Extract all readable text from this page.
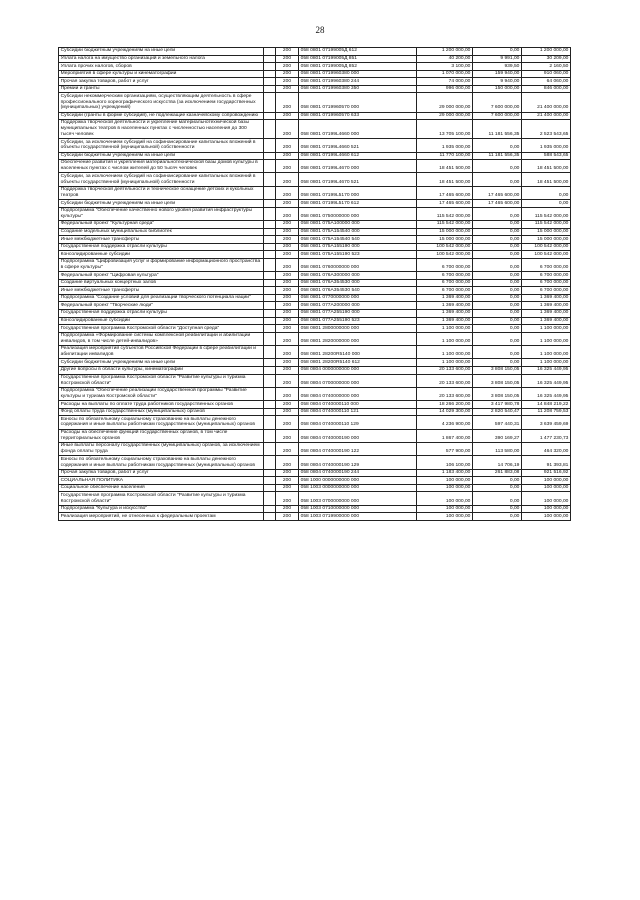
28
Субсидии бюджетным учреждениям на иные цели		200	058 0801 07199005Д 612	1 200 000,00	0,00	1 200 000,00
Уплата налога на имущество организаций и земельного налога		200	058 0801 07199005Д 851	40 200,00	9 991,00	30 209,00
Уплата прочих налогов, сборов		200	058 0801 07199005Д 852	3 100,00	939,50	2 160,50
Мероприятия в сфере культуры и кинематографии		200	058 0801 0719960380 000	1 070 000,00	159 940,00	910 060,00
Прочая закупка товаров, работ и услуг		200	058 0801 0719960380 244	74 000,00	9 940,00	64 060,00
Премии и гранты		200	058 0801 0719960380 350	996 000,00	150 000,00	846 000,00
Субсидии некоммерческим организациям, осуществляющим деятельность в сфере профессионального хореографического искусства (за исключением государственных (муниципальных) учреждений)		200	058 0801 0719960570 000	29 000 000,00	7 600 000,00	21 400 000,00
Субсидии (гранты в форме субсидий), не подлежащие казначейскому сопровождению		200	058 0801 0719960570 633	29 000 000,00	7 600 000,00	21 400 000,00
Поддержка творческой деятельности и укрепление материальнотехнической базы муниципальных театров в населенных пунктах с численностью населения до 300 тысяч человек		200	058 0801 07199L4660 000	13 705 100,00	11 181 556,35	2 523 543,65
Субсидии, за исключением субсидий на софинансирование капитальных вложений в объекты государственной (муниципальной) собственности		200	058 0801 07199L4660 521	1 935 000,00	0,00	1 935 000,00
Субсидии бюджетным учреждениям на иные цели		200	058 0801 07199L4660 612	11 770 100,00	11 181 556,35	588 543,65
Обеспечение развития и укрепления материальнотехнической базы домов культуры в населенных пунктах с числом жителей до 50 тысяч человек		200	058 0801 07199L4670 000	18 451 500,00	0,00	18 451 500,00
Субсидии, за исключением субсидий на софинансирование капитальных вложений в объекты государственной (муниципальной) собственности		200	058 0801 07199L4670 521	18 451 500,00	0,00	18 451 500,00
Поддержка творческой деятельности и техническое оснащение детских и кукольных театров		200	058 0801 07199L5170 000	17 465 600,00	17 465 600,00	0,00
Субсидии бюджетным учреждениям на иные цели		200	058 0801 07199L5170 612	17 465 600,00	17 465 600,00	0,00
Подпрограмма "Обеспечение качественно нового уровня развития инфраструктуры культуры"		200	058 0801 0750000000 000	115 542 000,00	0,00	115 542 000,00
Федеральный проект "Культурная среда"		200	058 0801 075A100000 000	115 542 000,00	0,00	115 542 000,00
Создание модельных муниципальных библиотек		200	058 0801 075A154540 000	15 000 000,00	0,00	15 000 000,00
Иные межбюджетные трансферты		200	058 0801 075A154540 540	15 000 000,00	0,00	15 000 000,00
Государственная поддержка отрасли культуры		200	058 0801 075A155190 000	100 542 000,00	0,00	100 542 000,00
Консолидированные субсидии		200	058 0801 075A155190 523	100 542 000,00	0,00	100 542 000,00
Подпрограмма "Цифровизация услуг и формирование информационного пространства в сфере культуры"		200	058 0801 0760000000 000	6 700 000,00	0,00	6 700 000,00
Федеральный проект "Цифровая культура"		200	058 0801 076A300000 000	6 700 000,00	0,00	6 700 000,00
Создание виртуальных концертных залов		200	058 0801 076A354530 000	6 700 000,00	0,00	6 700 000,00
Иные межбюджетные трансферты		200	058 0801 076A354530 540	6 700 000,00	0,00	6 700 000,00
Подпрограмма "Создание условий для реализации творческого потенциала нации"		200	058 0801 0770000000 000	1 369 400,00	0,00	1 369 400,00
Федеральный проект "Творческие люди"		200	058 0801 077A200000 000	1 369 400,00	0,00	1 369 400,00
Государственная поддержка отрасли культуры		200	058 0801 077A255190 000	1 369 400,00	0,00	1 369 400,00
Консолидированные субсидии		200	058 0801 077A255190 523	1 369 400,00	0,00	1 369 400,00
Государственная программа Костромской области "Доступная среда"		200	058 0801 2800000000 000	1 100 000,00	0,00	1 100 000,00
Подпрограмма «Формирование системы комплексной реабилитации и абилитации инвалидов, в том числе детей-инвалидов»		200	058 0801 2820000000 000	1 100 000,00	0,00	1 100 000,00
Реализация мероприятий субъектов Российской Федерации в сфере реабилитации и абилитации инвалидов		200	058 0801 28200R5140 000	1 100 000,00	0,00	1 100 000,00
Субсидии бюджетным учреждениям на иные цели		200	058 0801 28200R5140 612	1 100 000,00	0,00	1 100 000,00
Другие вопросы в области культуры, кинематографии		200	058 0804 0000000000 000	20 133 600,00	3 808 150,05	16 325 449,95
Государственная программа Костромской области "Развитие культуры и туризма Костромской области"		200	058 0804 0700000000 000	20 133 600,00	3 808 150,05	16 325 449,95
Подпрограмма "Обеспечение реализации государственной программы "Развитие культуры и туризма Костромской области"		200	058 0804 0740000000 000	20 133 600,00	3 808 150,05	16 325 449,95
Расходы на выплаты по оплате труда работников государственных органов		200	058 0804 0740000110 000	18 266 200,00	3 417 980,78	14 848 219,22
Фонд оплаты труда государственных (муниципальных) органов		200	058 0804 0740000110 121	14 029 300,00	2 820 540,47	11 208 759,53
Взносы по обязательному социальному страхованию на выплаты денежного содержания и иные выплаты работникам государственных (муниципальных) органов		200	058 0804 0740000110 129	4 236 900,00	597 440,31	3 639 459,69
Расходы на обеспечение функций государственных органов, в том числе территориальных органов		200	058 0804 0740000190 000	1 867 400,00	390 169,27	1 477 230,73
Иные выплаты персоналу государственных (муниципальных) органов, за исключением фонда оплаты труда		200	058 0804 0740000190 122	577 900,00	113 580,00	464 320,00
Взносы по обязательному социальному страхованию на выплаты денежного содержания и иные выплаты работникам государственных (муниципальных) органов		200	058 0804 0740000190 129	106 100,00	14 706,19	91 393,81
Прочая закупка товаров, работ и услуг		200	058 0804 0740000190 244	1 183 400,00	261 883,08	921 516,92
СОЦИАЛЬНАЯ ПОЛИТИКА		200	058 1000 0000000000 000	100 000,00	0,00	100 000,00
Социальное обеспечение населения		200	058 1003 0000000000 000	100 000,00	0,00	100 000,00
Государственная программа Костромской области "Развитие культуры и туризма Костромской области"		200	058 1003 0700000000 000	100 000,00	0,00	100 000,00
Подпрограмма "Культура и искусство"		200	058 1003 0710000000 000	100 000,00	0,00	100 000,00
Реализация мероприятий, не отнесенных к федеральным проектам		200	058 1003 0719900000 000	100 000,00	0,00	100 000,00
